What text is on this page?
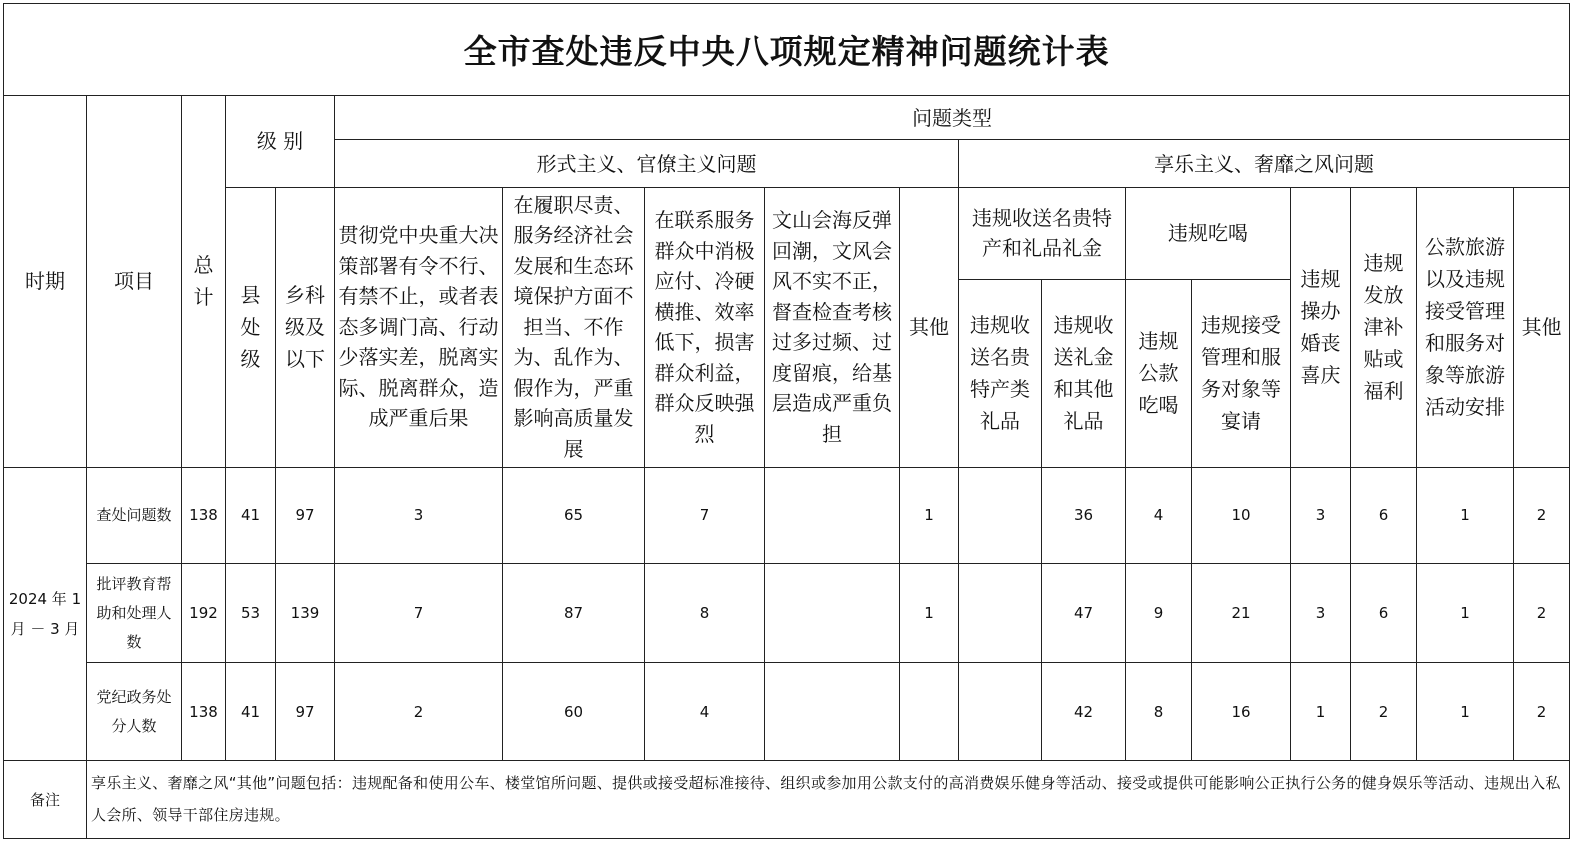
全市查处违反中央八项规定精神问题统计表																	
时期	项目	总计	级 别		问题类型												
					形式主义、官僚主义问题					享乐主义、奢靡之风问题							
			县处级	乡科级及以下	贯彻党中央重大决策部署有令不行、有禁不止，或者表态多调门高、行动少落实差，脱离实际、脱离群众，造成严重后果	在履职尽责、服务经济社会发展和生态环境保护方面不担当、不作为、乱作为、假作为，严重影响高质量发展	在联系服务群众中消极应付、冷硬横推、效率低下，损害群众利益，群众反映强烈	文山会海反弹回潮，文风会风不实不正，督查检查考核过多过频、过度留痕，给基层造成严重负担	其他	违规收送名贵特产和礼品礼金		违规吃喝		违规操办婚丧喜庆	违规发放津补贴或福利	公款旅游以及违规接受管理和服务对象等旅游活动安排	其他
										违规收送名贵特产类礼品	违规收送礼金和其他礼品	违规公款吃喝	违规接受管理和服务对象等宴请				
2024 年 1 月 － 3 月	查处问题数	138	41	97	3	65	7		1		36	4	10	3	6	1	2
	批评教育帮助和处理人数	192	53	139	7	87	8		1		47	9	21	3	6	1	2
	党纪政务处分人数	138	41	97	2	60	4				42	8	16	1	2	1	2
备注	享乐主义、奢靡之风“其他”问题包括：违规配备和使用公车、楼堂馆所问题、提供或接受超标准接待、组织或参加用公款支付的高消费娱乐健身等活动、接受或提供可能影响公正执行公务的健身娱乐等活动、违规出入私人会所、领导干部住房违规。																
